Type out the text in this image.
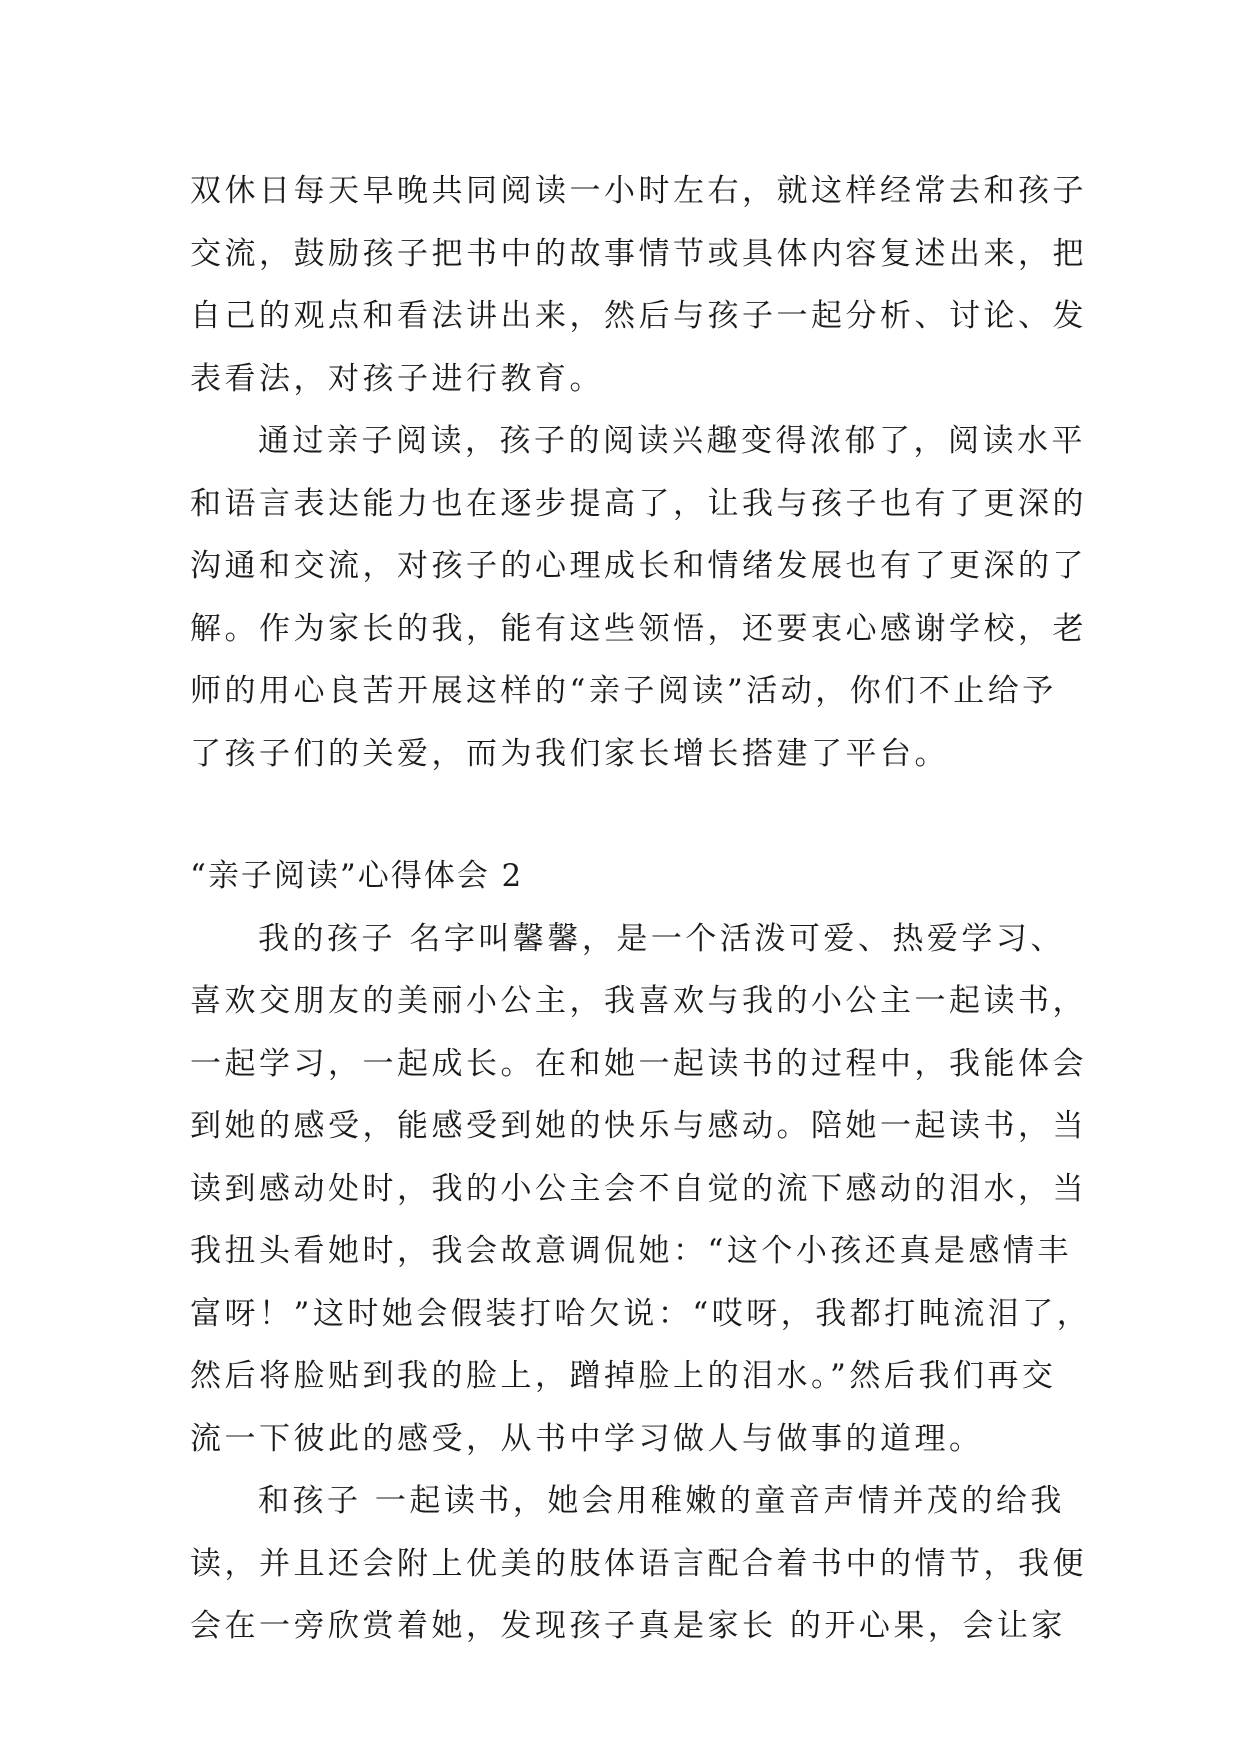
双休日每天早晚共同阅读一小时左右，就这样经常去和孩子
交流，鼓励孩子把书中的故事情节或具体内容复述出来，把
自己的观点和看法讲出来，然后与孩子一起分析、讨论、发
表看法，对孩子进行教育。
通过亲子阅读，孩子的阅读兴趣变得浓郁了，阅读水平
和语言表达能力也在逐步提高了，让我与孩子也有了更深的
沟通和交流，对孩子的心理成长和情绪发展也有了更深的了
解。作为家长的我，能有这些领悟，还要衷心感谢学校，老
师的用心良苦开展这样的“亲子阅读”活动，你们不止给予
了孩子们的关爱，而为我们家长增长搭建了平台。
“亲子阅读”心得体会 2
我的孩子 名字叫馨馨，是一个活泼可爱、热爱学习、
喜欢交朋友的美丽小公主，我喜欢与我的小公主一起读书，
一起学习，一起成长。在和她一起读书的过程中，我能体会
到她的感受，能感受到她的快乐与感动。陪她一起读书，当
读到感动处时，我的小公主会不自觉的流下感动的泪水，当
我扭头看她时，我会故意调侃她：“这个小孩还真是感情丰
富呀！”这时她会假装打哈欠说：“哎呀，我都打盹流泪了，
然后将脸贴到我的脸上，蹭掉脸上的泪水。”然后我们再交
流一下彼此的感受，从书中学习做人与做事的道理。
和孩子 一起读书，她会用稚嫩的童音声情并茂的给我
读，并且还会附上优美的肢体语言配合着书中的情节，我便
会在一旁欣赏着她，发现孩子真是家长 的开心果，会让家
